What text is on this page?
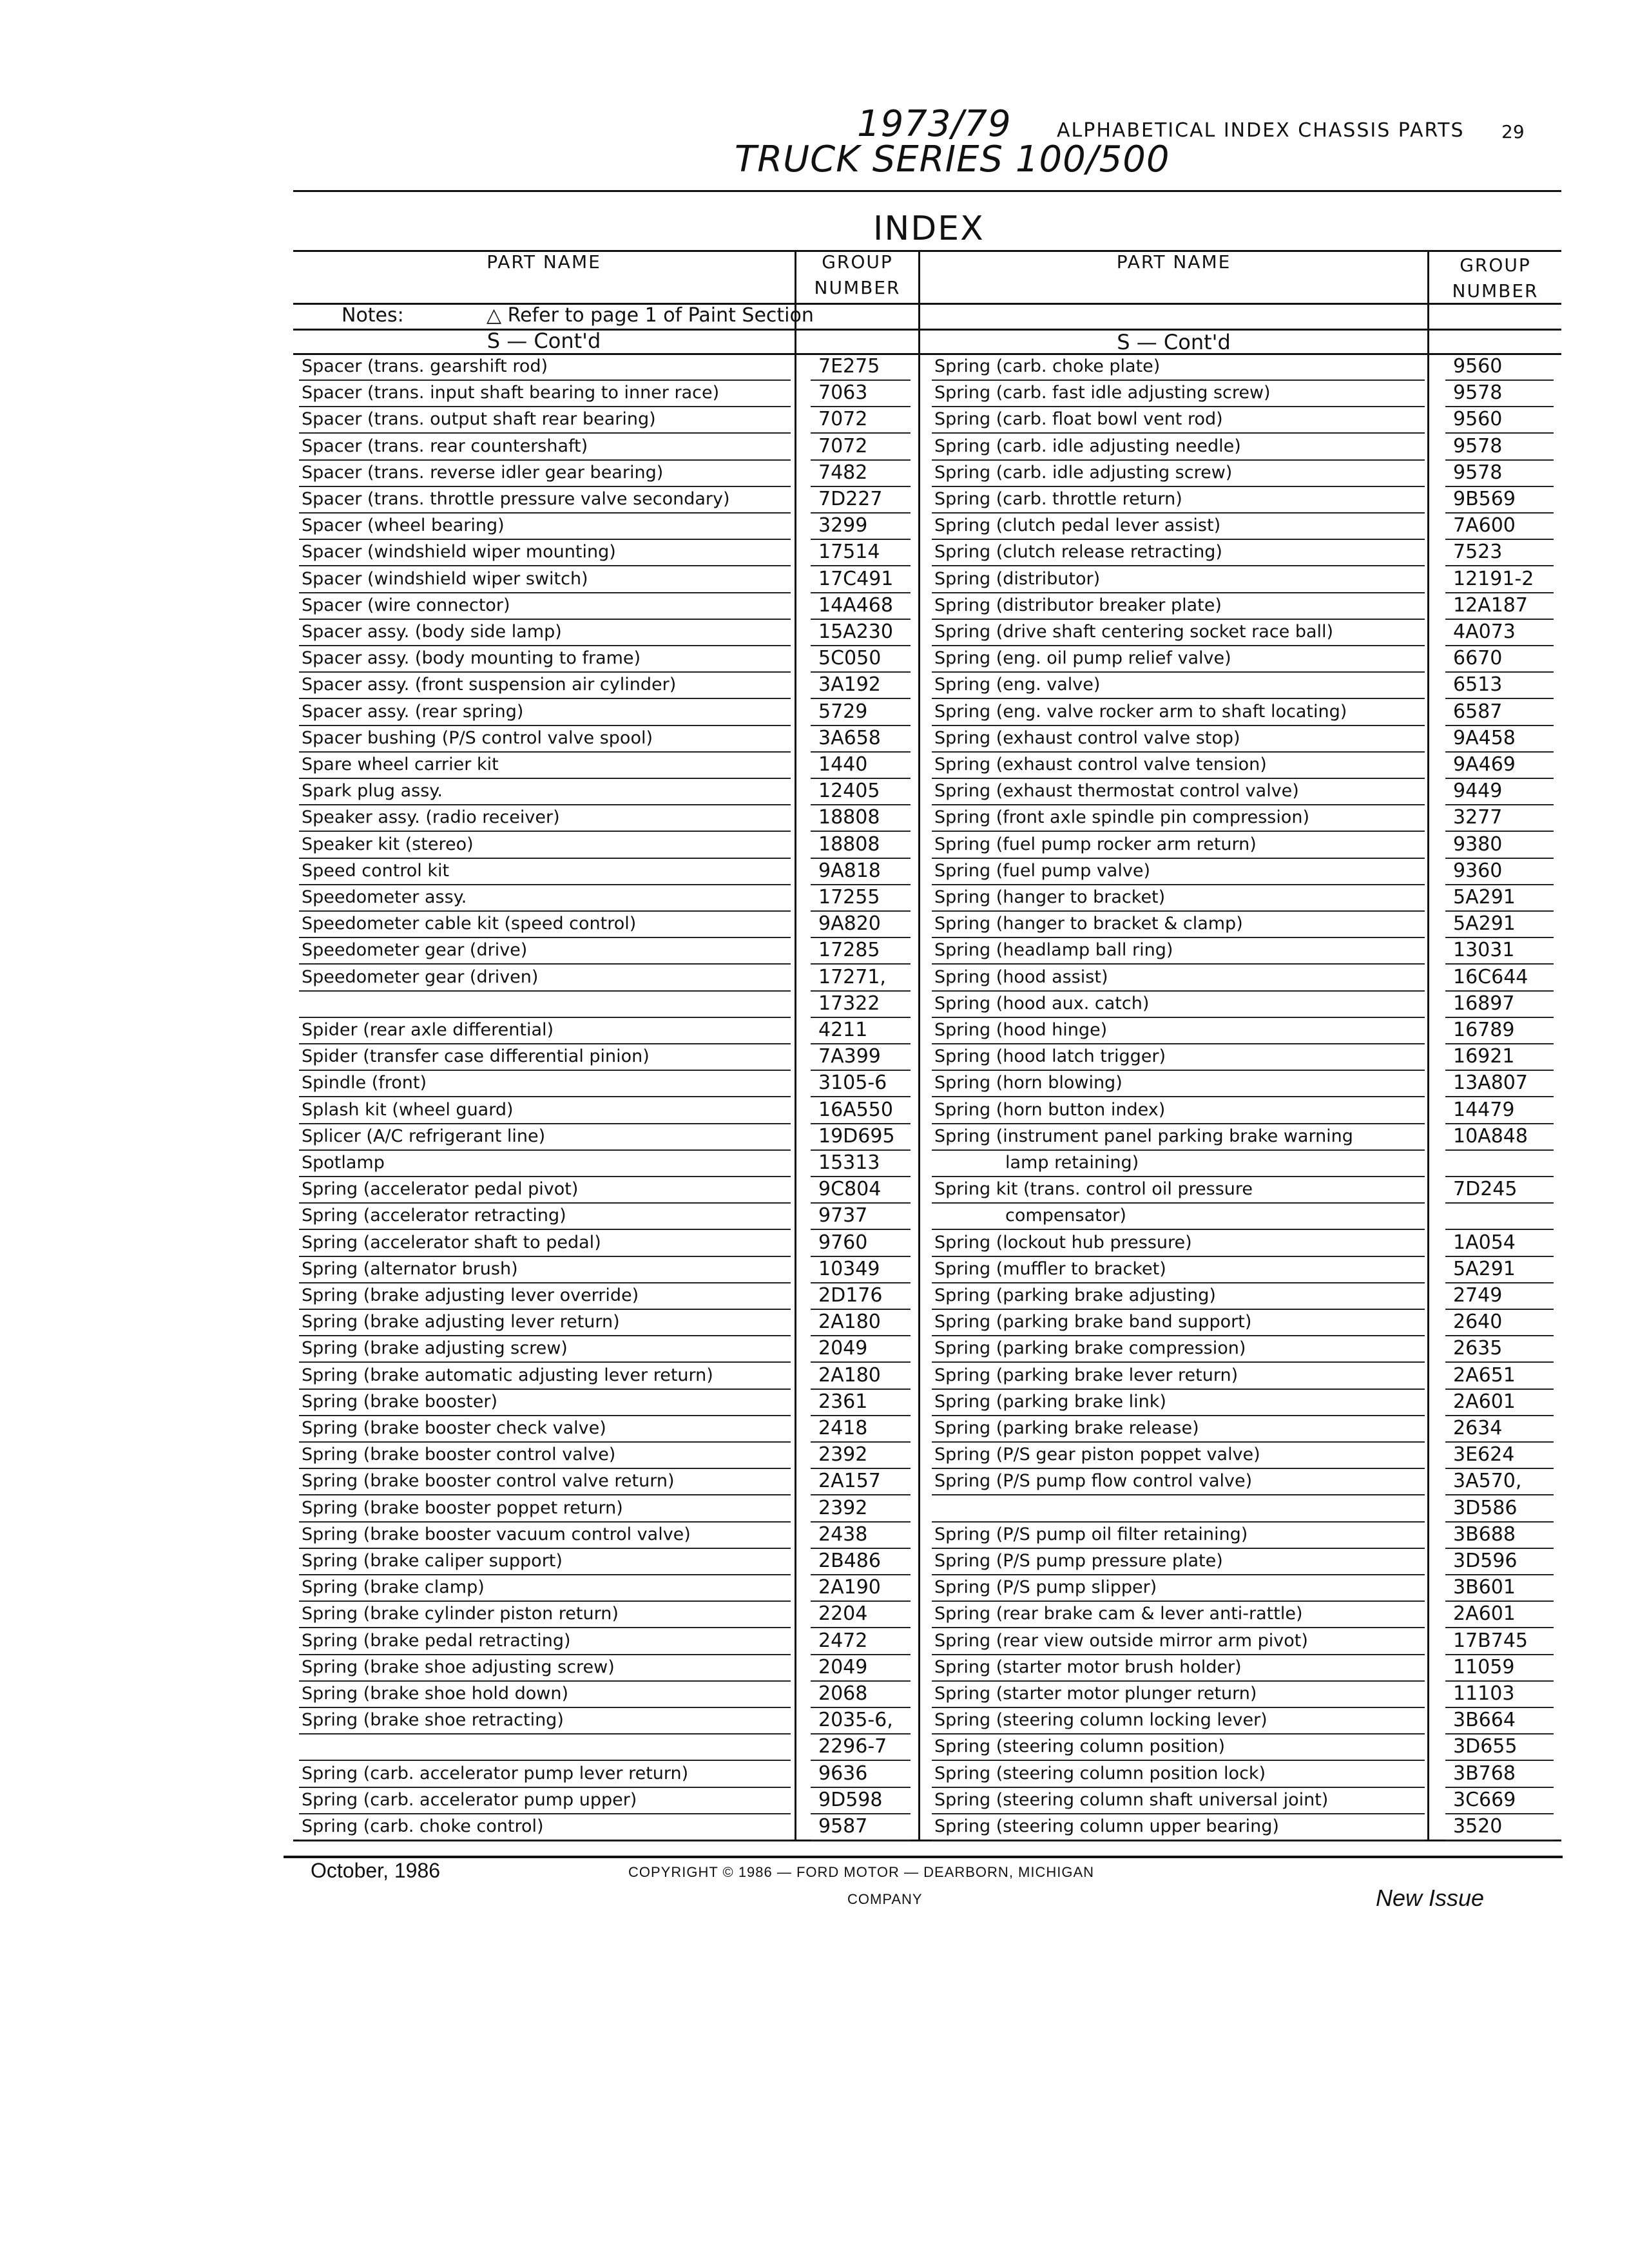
1973/79
TRUCK SERIES 100/500
ALPHABETICAL INDEX CHASSIS PARTS 29
INDEX
PART NAME	GROUP
NUMBER
PART NAME	GROUP
NUMBER
Notes:	△ Refer to page 1 of Paint Section
S — Cont'd	S — Cont'd
Spacer (trans. gearshift rod)	7E275
Spacer (trans. input shaft bearing to inner race)	7063
Spacer (trans. output shaft rear bearing)	7072
Spacer (trans. rear countershaft)	7072
Spacer (trans. reverse idler gear bearing)	7482
Spacer (trans. throttle pressure valve secondary)	7D227
Spacer (wheel bearing)	3299
Spacer (windshield wiper mounting)	17514
Spacer (windshield wiper switch)	17C491
Spacer (wire connector)	14A468
Spacer assy. (body side lamp)	15A230
Spacer assy. (body mounting to frame)	5C050
Spacer assy. (front suspension air cylinder)	3A192
Spacer assy. (rear spring)	5729
Spacer bushing (P/S control valve spool)	3A658
Spare wheel carrier kit	1440
Spark plug assy.	12405
Speaker assy. (radio receiver)	18808
Speaker kit (stereo)	18808
Speed control kit	9A818
Speedometer assy.	17255
Speedometer cable kit (speed control)	9A820
Speedometer gear (drive)	17285
Speedometer gear (driven)	17271,
17322
Spider (rear axle differential)	4211
Spider (transfer case differential pinion)	7A399
Spindle (front)	3105-6
Splash kit (wheel guard)	16A550
Splicer (A/C refrigerant line)	19D695
Spotlamp	15313
Spring (accelerator pedal pivot)	9C804
Spring (accelerator retracting)	9737
Spring (accelerator shaft to pedal)	9760
Spring (alternator brush)	10349
Spring (brake adjusting lever override)	2D176
Spring (brake adjusting lever return)	2A180
Spring (brake adjusting screw)	2049
Spring (brake automatic adjusting lever return)	2A180
Spring (brake booster)	2361
Spring (brake booster check valve)	2418
Spring (brake booster control valve)	2392
Spring (brake booster control valve return)	2A157
Spring (brake booster poppet return)	2392
Spring (brake booster vacuum control valve)	2438
Spring (brake caliper support)	2B486
Spring (brake clamp)	2A190
Spring (brake cylinder piston return)	2204
Spring (brake pedal retracting)	2472
Spring (brake shoe adjusting screw)	2049
Spring (brake shoe hold down)	2068
Spring (brake shoe retracting)	2035-6,
2296-7
Spring (carb. accelerator pump lever return)	9636
Spring (carb. accelerator pump upper)	9D598
Spring (carb. choke control)	9587
Spring (carb. choke plate)	9560
Spring (carb. fast idle adjusting screw)	9578
Spring (carb. float bowl vent rod)	9560
Spring (carb. idle adjusting needle)	9578
Spring (carb. idle adjusting screw)	9578
Spring (carb. throttle return)	9B569
Spring (clutch pedal lever assist)	7A600
Spring (clutch release retracting)	7523
Spring (distributor)	12191-2
Spring (distributor breaker plate)	12A187
Spring (drive shaft centering socket race ball)	4A073
Spring (eng. oil pump relief valve)	6670
Spring (eng. valve)	6513
Spring (eng. valve rocker arm to shaft locating)	6587
Spring (exhaust control valve stop)	9A458
Spring (exhaust control valve tension)	9A469
Spring (exhaust thermostat control valve)	9449
Spring (front axle spindle pin compression)	3277
Spring (fuel pump rocker arm return)	9380
Spring (fuel pump valve)	9360
Spring (hanger to bracket)	5A291
Spring (hanger to bracket & clamp)	5A291
Spring (headlamp ball ring)	13031
Spring (hood assist)	16C644
Spring (hood aux. catch)	16897
Spring (hood hinge)	16789
Spring (hood latch trigger)	16921
Spring (horn blowing)	13A807
Spring (horn button index)	14479
Spring (instrument panel parking brake warning	10A848
lamp retaining)
Spring kit (trans. control oil pressure	7D245
compensator)
Spring (lockout hub pressure)	1A054
Spring (muffler to bracket)	5A291
Spring (parking brake adjusting)	2749
Spring (parking brake band support)	2640
Spring (parking brake compression)	2635
Spring (parking brake lever return)	2A651
Spring (parking brake link)	2A601
Spring (parking brake release)	2634
Spring (P/S gear piston poppet valve)	3E624
Spring (P/S pump flow control valve)	3A570,
3D586
Spring (P/S pump oil filter retaining)	3B688
Spring (P/S pump pressure plate)	3D596
Spring (P/S pump slipper)	3B601
Spring (rear brake cam & lever anti-rattle)	2A601
Spring (rear view outside mirror arm pivot)	17B745
Spring (starter motor brush holder)	11059
Spring (starter motor plunger return)	11103
Spring (steering column locking lever)	3B664
Spring (steering column position)	3D655
Spring (steering column position lock)	3B768
Spring (steering column shaft universal joint)	3C669
Spring (steering column upper bearing)	3520
October, 1986	COPYRIGHT © 1986 — FORD MOTOR — DEARBORN, MICHIGAN
COMPANY	New Issue
